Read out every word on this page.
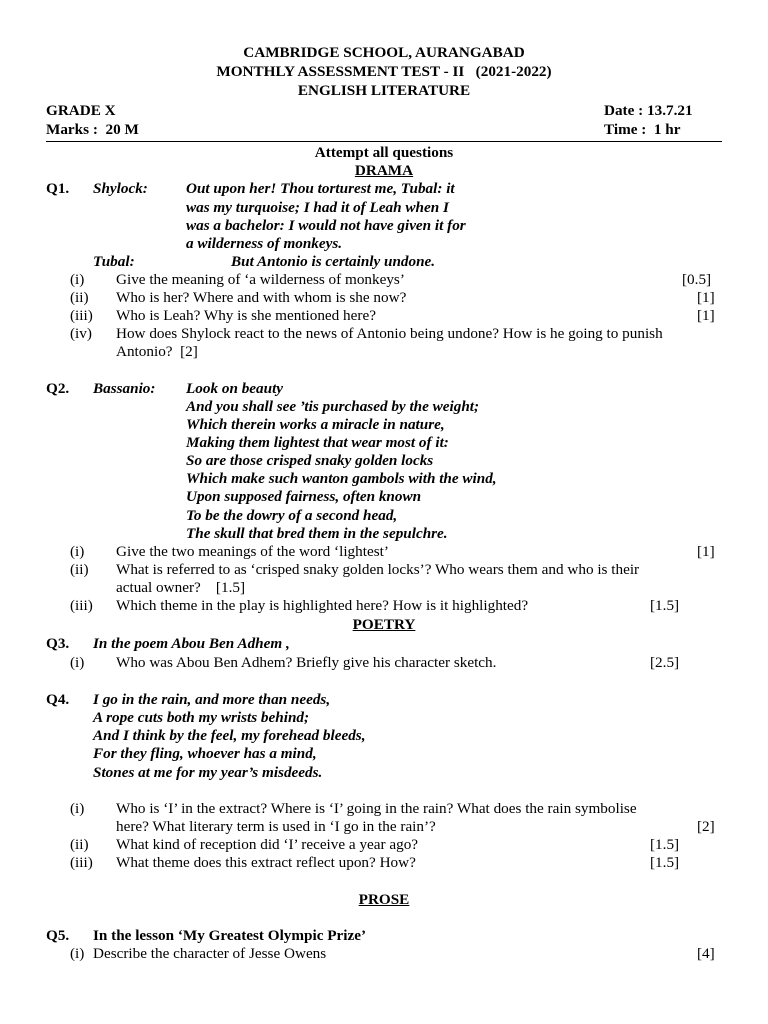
CAMBRIDGE SCHOOL, AURANGABAD
MONTHLY ASSESSMENT TEST - II   (2021-2022)
ENGLISH LITERATURE
GRADE X	Date : 13.7.21
Marks :  20 M	Time :  1 hr
Attempt all questions
DRAMA
Q1. Shylock:	Out upon her! Thou torturest me, Tubal: it
was my turquoise; I had it of Leah when I
was a bachelor: I would not have given it for
a wilderness of monkeys.
Tubal:	But Antonio is certainly undone.
(i) Give the meaning of ‘a wilderness of monkeys’	[0.5]
(ii) Who is her? Where and with whom is she now?	[1]
(iii) Who is Leah? Why is she mentioned here?	[1]
(iv) How does Shylock react to the news of Antonio being undone? How is he going to punish
Antonio?  [2]
Q2. Bassanio: Look on beauty
And you shall see ’tis purchased by the weight;
Which therein works a miracle in nature,
Making them lightest that wear most of it:
So are those crisped snaky golden locks
Which make such wanton gambols with the wind,
Upon supposed fairness, often known
To be the dowry of a second head,
The skull that bred them in the sepulchre.
(i) Give the two meanings of the word ‘lightest’	[1]
(ii) What is referred to as ‘crisped snaky golden locks’? Who wears them and who is their
actual owner?    [1.5]
(iii) Which theme in the play is highlighted here? How is it highlighted?	[1.5]
POETRY
Q3. In the poem Abou Ben Adhem ,
(i) Who was Abou Ben Adhem? Briefly give his character sketch.	[2.5]
Q4. I go in the rain, and more than needs,
A rope cuts both my wrists behind;
And I think by the feel, my forehead bleeds,
For they fling, whoever has a mind,
Stones at me for my year’s misdeeds.
(i) Who is ‘I’ in the extract? Where is ‘I’ going in the rain? What does the rain symbolise
here? What literary term is used in ‘I go in the rain’?	[2]
(ii) What kind of reception did ‘I’ receive a year ago?	[1.5]
(iii) What theme does this extract reflect upon? How?	[1.5]
PROSE
Q5. In the lesson ‘My Greatest Olympic Prize’
(i) Describe the character of Jesse Owens	[4]
